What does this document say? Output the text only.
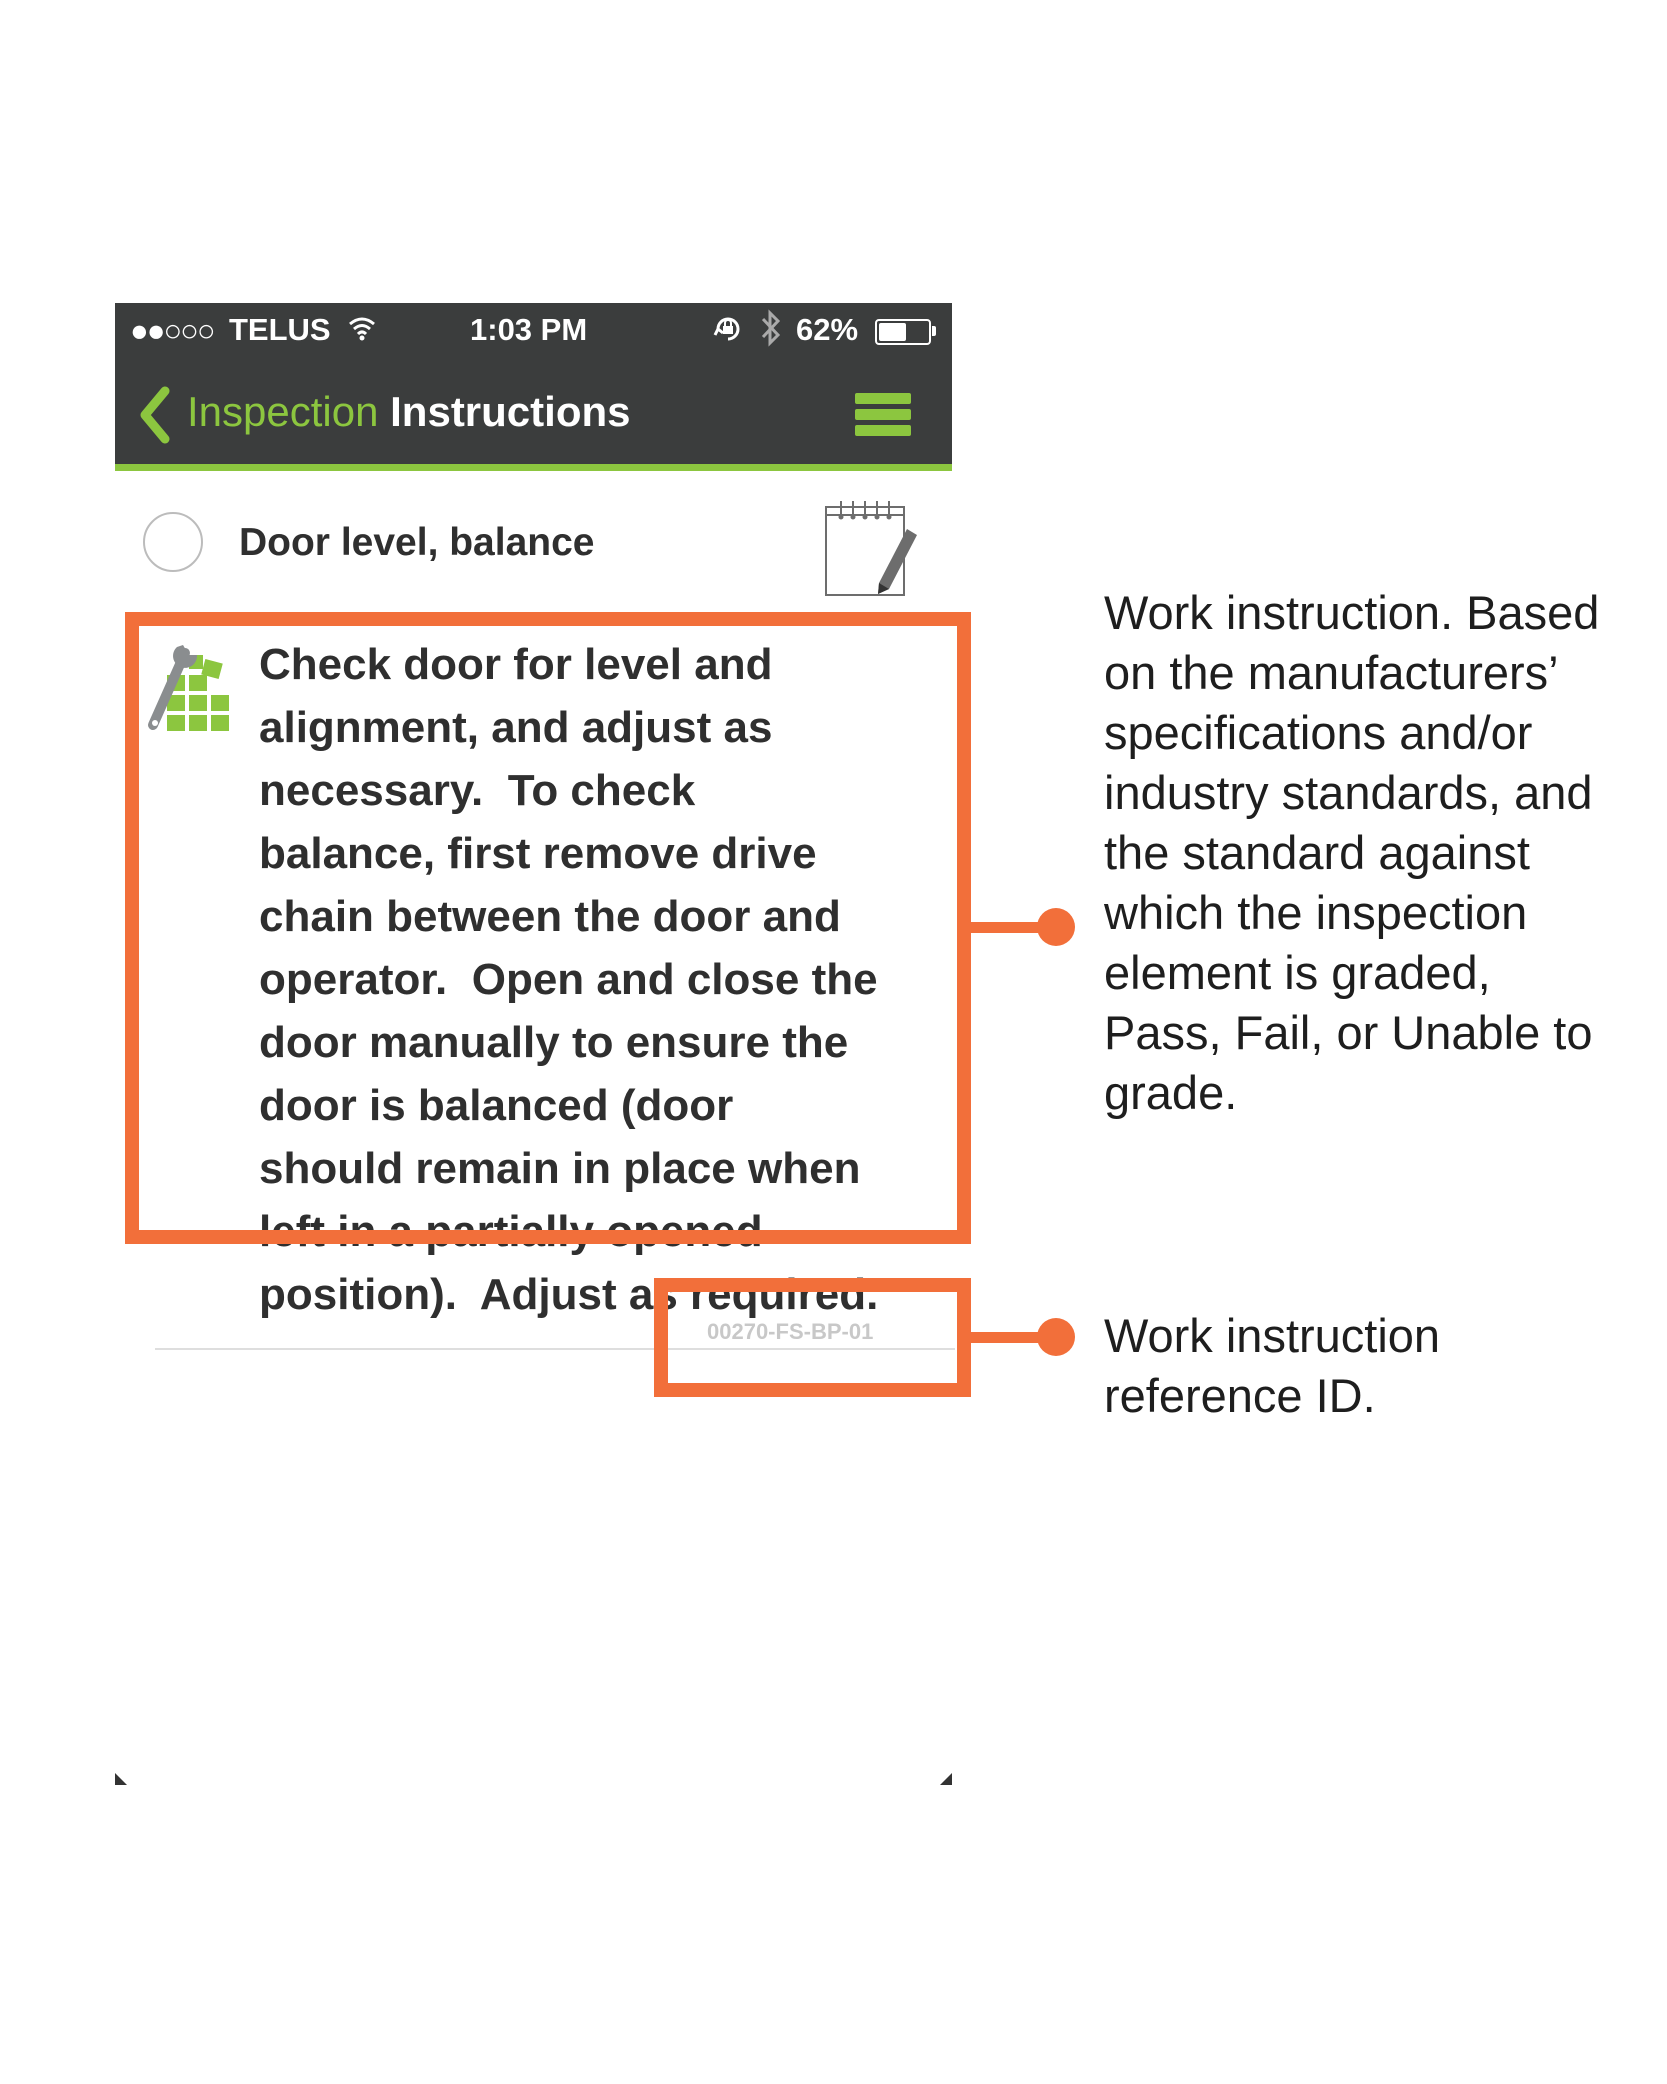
●●○○○ TELUS	1:03 PM	62%
Inspection Instructions
Door level, balance
Check door for level and
alignment, and adjust as
necessary.  To check
balance, first remove drive
chain between the door and
operator.  Open and close the
door manually to ensure the
door is balanced (door
should remain in place when
left in a partially opened
position).  Adjust as required.
00270-FS-BP-01
Work instruction. Based
on the manufacturers’
specifications and/or
industry standards, and
the standard against
which the inspection
element is graded,
Pass, Fail, or Unable to
grade.
Work instruction
reference ID.
